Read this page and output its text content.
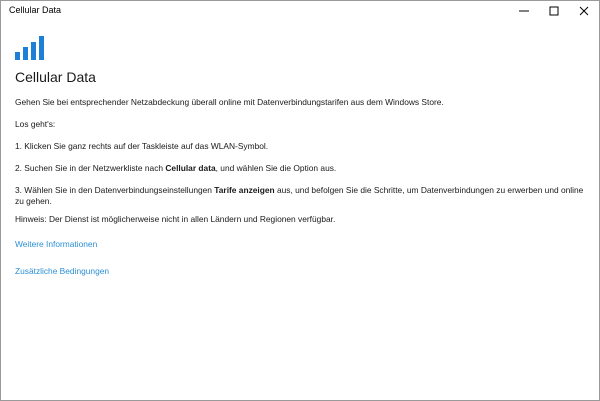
Cellular Data
Cellular Data

Gehen Sie bei entsprechender Netzabdeckung überall online mit Datenverbindungstarifen aus dem Windows Store.

Los geht's:

1. Klicken Sie ganz rechts auf der Taskleiste auf das WLAN-Symbol.

2. Suchen Sie in der Netzwerkliste nach Cellular data, und wählen Sie die Option aus.

3. Wählen Sie in den Datenverbindungseinstellungen Tarife anzeigen aus, und befolgen Sie die Schritte, um Datenverbindungen zu erwerben und online zu gehen.

Hinweis: Der Dienst ist möglicherweise nicht in allen Ländern und Regionen verfügbar.

Weitere Informationen
Zusätzliche Bedingungen
